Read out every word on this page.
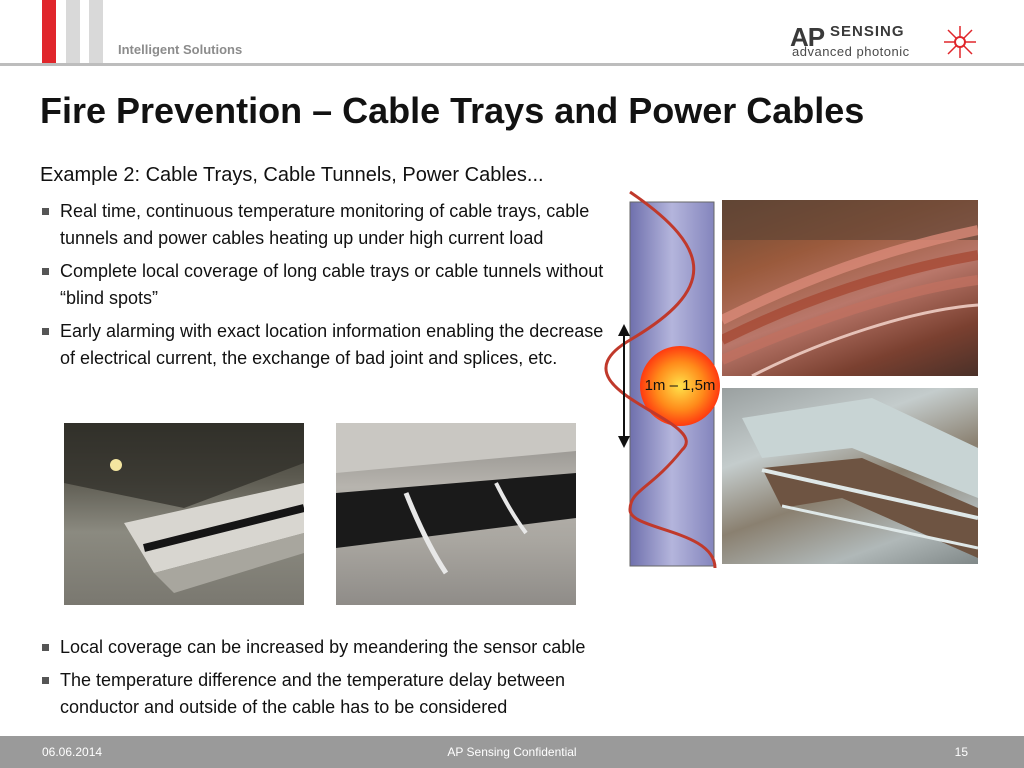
Intelligent Solutions	AP SENSING
advanced photonic
Fire Prevention – Cable Trays and Power Cables
Example 2: Cable Trays, Cable Tunnels, Power Cables...
Real time, continuous temperature monitoring of cable trays, cable tunnels and power cables heating up under high current load
Complete local coverage of long cable trays or cable tunnels without “blind spots”
Early alarming with exact location information enabling the decrease of electrical current, the exchange of bad joint and splices, etc.
1m – 1,5m
Local coverage can be increased by meandering the sensor cable
The temperature difference and the temperature delay between conductor and outside of the cable has to be considered
06.06.2014	AP Sensing Confidential	15
